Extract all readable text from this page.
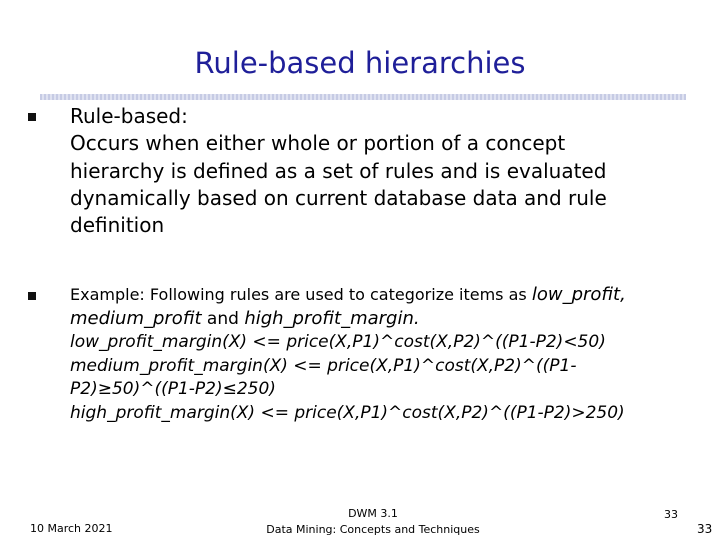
Rule-based hierarchies
Rule-based:
Occurs when either whole or portion of a concept
hierarchy is defined as a set of rules and is evaluated
dynamically based on current database data and rule
definition
Example: Following rules are used to categorize items as low_profit,
medium_profit and high_profit_margin.
low_profit_margin(X) <= price(X,P1)^cost(X,P2)^((P1-P2)<50)
medium_profit_margin(X) <= price(X,P1)^cost(X,P2)^((P1-
P2)≥50)^((P1-P2)≤250)
high_profit_margin(X) <= price(X,P1)^cost(X,P2)^((P1-P2)>250)
10 March 2021
DWM 3.1
Data Mining: Concepts and Techniques
33
33
